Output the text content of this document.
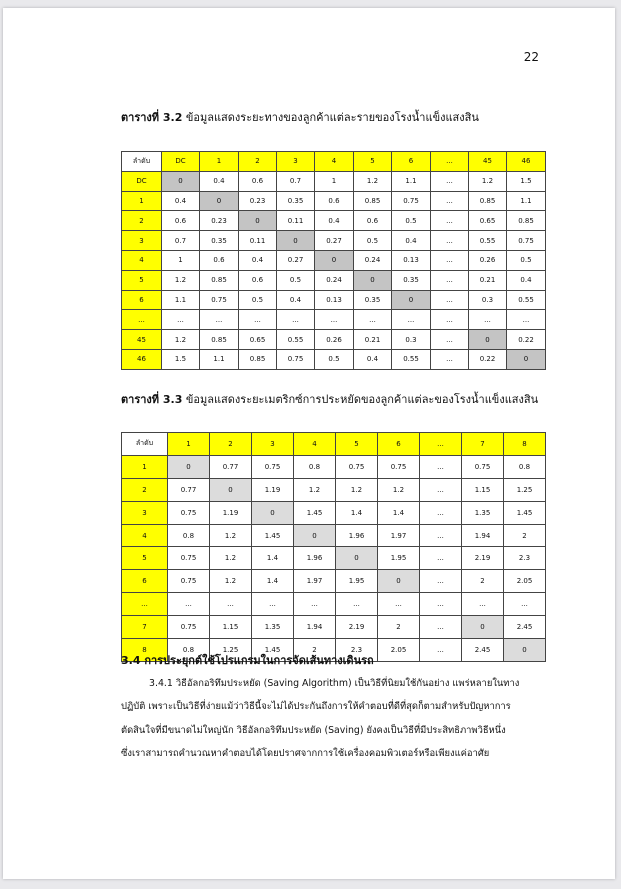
22
ตารางที่ 3.2 ข้อมูลแสดงระยะทางของลูกค้าแต่ละรายของโรงน้ำแข็งแสงสิน
ลำดับ	DC	1	2	3	4	5	6	...	45	46
DC	0	0.4	0.6	0.7	1	1.2	1.1	...	1.2	1.5
1	0.4	0	0.23	0.35	0.6	0.85	0.75	...	0.85	1.1
2	0.6	0.23	0	0.11	0.4	0.6	0.5	...	0.65	0.85
3	0.7	0.35	0.11	0	0.27	0.5	0.4	...	0.55	0.75
4	1	0.6	0.4	0.27	0	0.24	0.13	...	0.26	0.5
5	1.2	0.85	0.6	0.5	0.24	0	0.35	...	0.21	0.4
6	1.1	0.75	0.5	0.4	0.13	0.35	0	...	0.3	0.55
...	...	...	...	...	...	...	...	...	...	...
45	1.2	0.85	0.65	0.55	0.26	0.21	0.3	...	0	0.22
46	1.5	1.1	0.85	0.75	0.5	0.4	0.55	...	0.22	0
ตารางที่ 3.3 ข้อมูลแสดงระยะเมตริกซ์การประหยัดของลูกค้าแต่ละของโรงน้ำแข็งแสงสิน
ลำดับ	1	2	3	4	5	6	...	7	8
1	0	0.77	0.75	0.8	0.75	0.75	...	0.75	0.8
2	0.77	0	1.19	1.2	1.2	1.2	...	1.15	1.25
3	0.75	1.19	0	1.45	1.4	1.4	...	1.35	1.45
4	0.8	1.2	1.45	0	1.96	1.97	...	1.94	2
5	0.75	1.2	1.4	1.96	0	1.95	...	2.19	2.3
6	0.75	1.2	1.4	1.97	1.95	0	...	2	2.05
...	...	...	...	...	...	...	...	...	...
7	0.75	1.15	1.35	1.94	2.19	2	...	0	2.45
8	0.8	1.25	1.45	2	2.3	2.05	...	2.45	0
3.4 การประยุกต์ใช้โปรแกรมในการจัดเส้นทางเดินรถ
3.4.1 วิธีอัลกอริทึมประหยัด (Saving Algorithm) เป็นวิธีที่นิยมใช้กันอย่าง แพร่หลายในทาง
ปฏิบัติ เพราะเป็นวิธีที่ง่ายแม้ว่าวิธีนี้จะไม่ได้ประกันถึงการให้คำตอบที่ดีที่สุดก็ตามสำหรับปัญหาการ
ตัดสินใจที่มีขนาดไม่ใหญ่นัก วิธีอัลกอริทึมประหยัด (Saving) ยังคงเป็นวิธีที่มีประสิทธิภาพวิธีหนึ่ง
ซึ่งเราสามารถคำนวณหาคำตอบได้โดยปราศจากการใช้เครื่องคอมพิวเตอร์หรือเพียงแค่อาศัย
